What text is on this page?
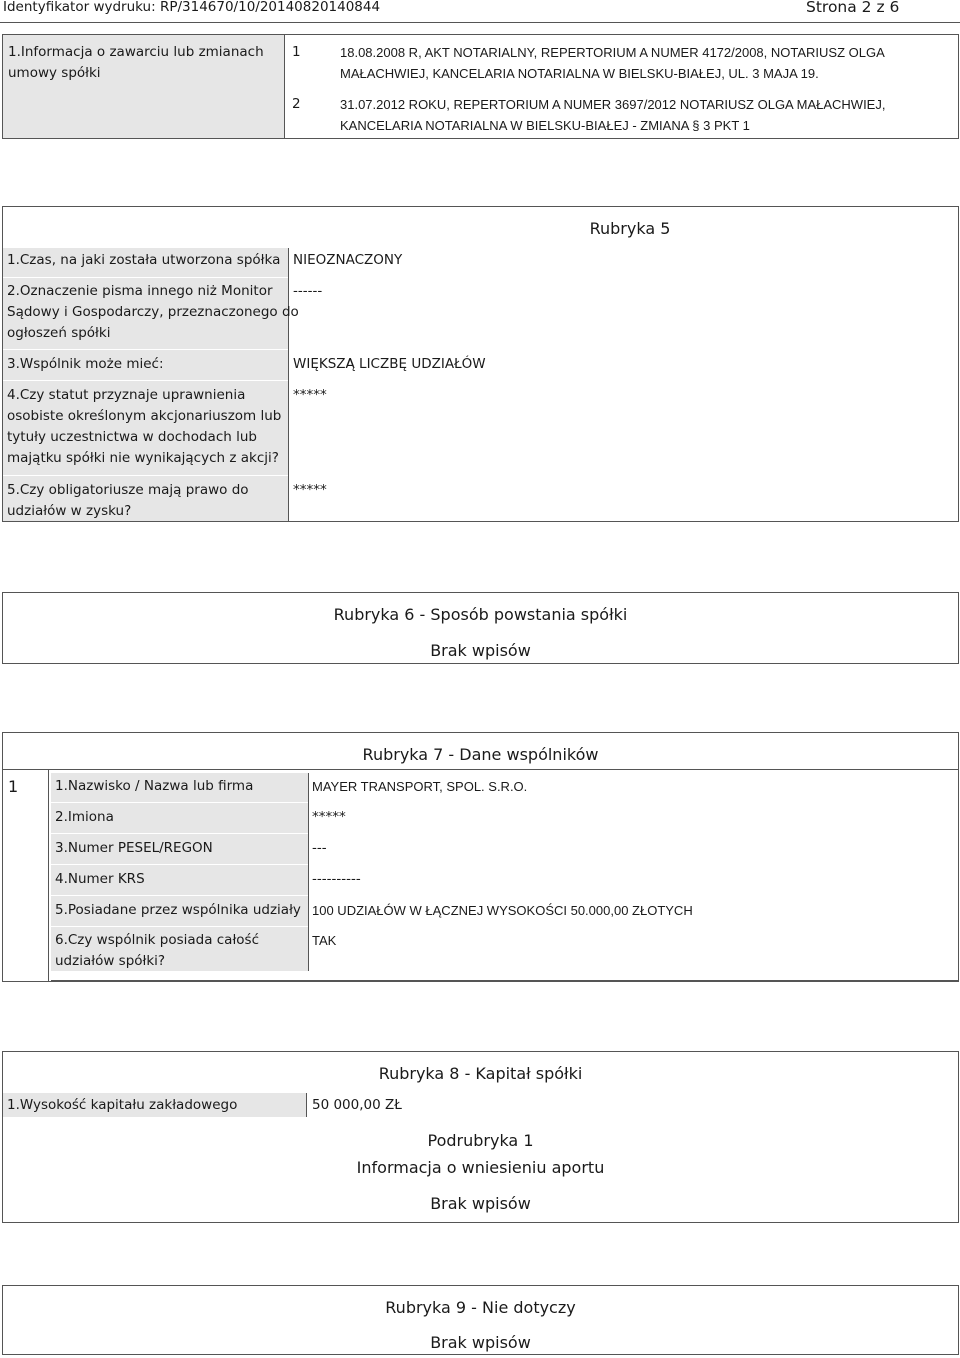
Identyfikator wydruku: RP/314670/10/20140820140844	Strona 2 z 6
1.Informacja o zawarciu lub zmianach
umowy spółki
1	18.08.2008 R, AKT NOTARIALNY, REPERTORIUM A NUMER 4172/2008, NOTARIUSZ OLGA
MAŁACHWIEJ, KANCELARIA NOTARIALNA W BIELSKU-BIAŁEJ, UL. 3 MAJA 19.
2	31.07.2012 ROKU, REPERTORIUM A NUMER 3697/2012 NOTARIUSZ OLGA MAŁACHWIEJ,
KANCELARIA NOTARIALNA W BIELSKU-BIAŁEJ - ZMIANA § 3 PKT 1
Rubryka 5
1.Czas, na jaki została utworzona spółka NIEOZNACZONY
2.Oznaczenie pisma innego niż Monitor
Sądowy i Gospodarczy, przeznaczonego do
ogłoszeń spółki
------
3.Wspólnik może mieć:	WIĘKSZĄ LICZBĘ UDZIAŁÓW
4.Czy statut przyznaje uprawnienia
osobiste określonym akcjonariuszom lub
tytuły uczestnictwa w dochodach lub
majątku spółki nie wynikających z akcji?
*****
5.Czy obligatoriusze mają prawo do
udziałów w zysku?
*****
Rubryka 6 - Sposób powstania spółki
Brak wpisów
Rubryka 7 - Dane wspólników
1	1.Nazwisko / Nazwa lub firma	MAYER TRANSPORT, SPOL. S.R.O.
2.Imiona	*****
3.Numer PESEL/REGON	---
4.Numer KRS	----------
5.Posiadane przez wspólnika udziały 100 UDZIAŁÓW W ŁĄCZNEJ WYSOKOŚCI 50.000,00 ZŁOTYCH
6.Czy wspólnik posiada całość
udziałów spółki?
TAK
Rubryka 8 - Kapitał spółki
1.Wysokość kapitału zakładowego	50 000,00 ZŁ
Podrubryka 1
Informacja o wniesieniu aportu
Brak wpisów
Rubryka 9 - Nie dotyczy
Brak wpisów
